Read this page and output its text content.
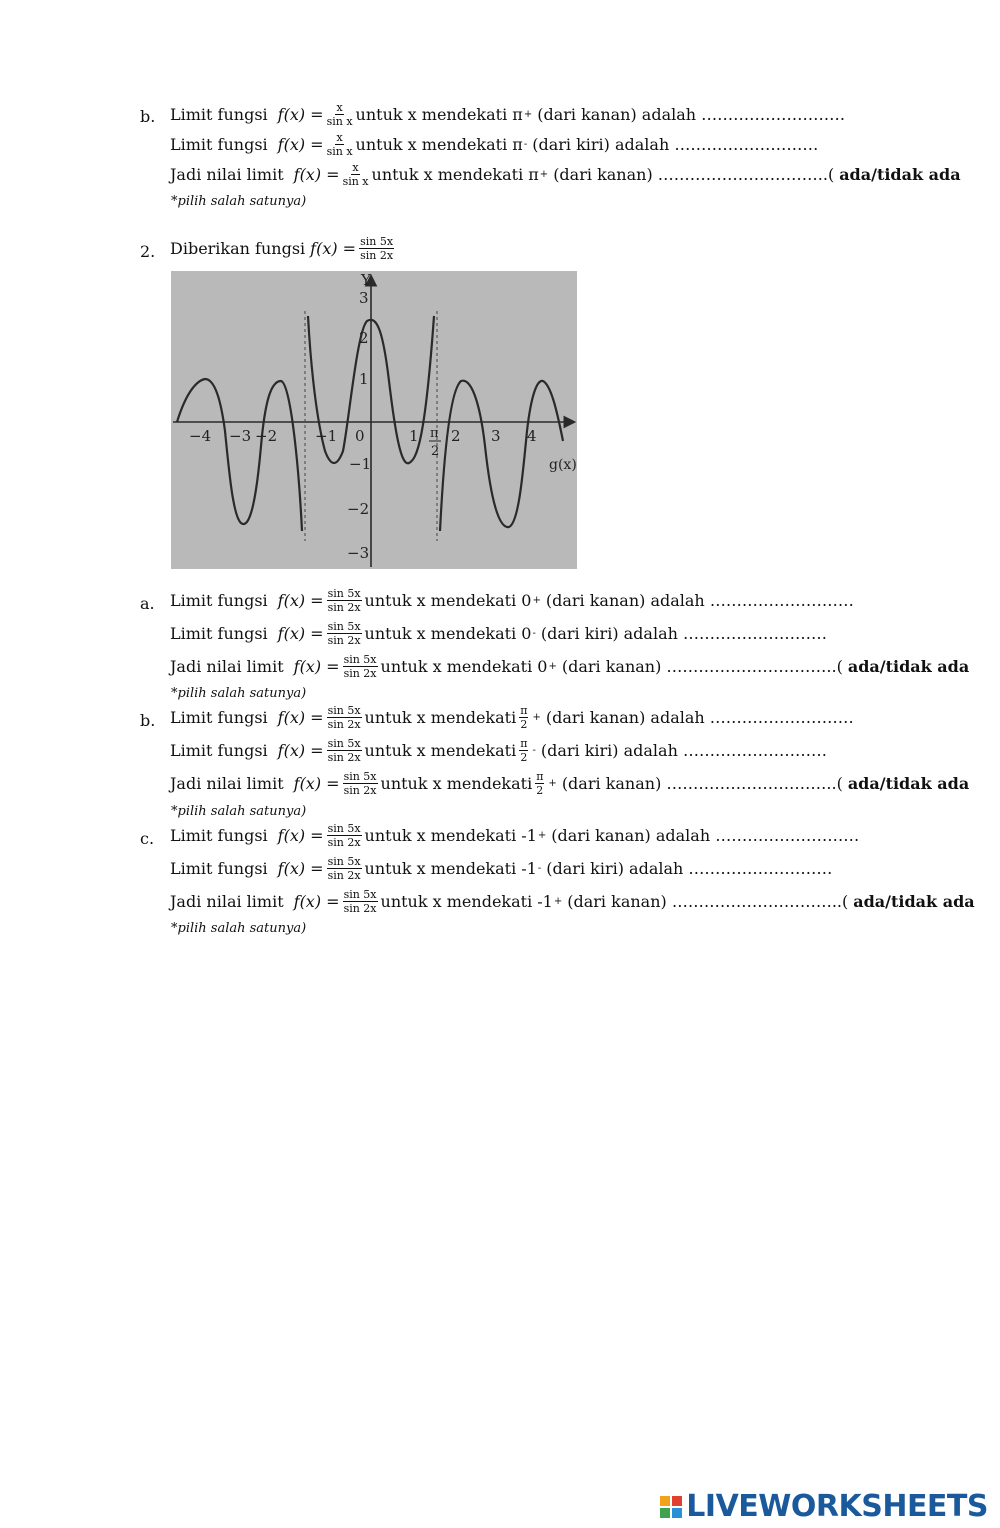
b. Limit fungsi $f(x) = \frac{x}{\text{sin x}}$ untuk x mendekati π + (dari kanan) adalah ………………………
Limit fungsi $f(x) = \frac{x}{\text{sin x}}$ untuk x mendekati π - (dari kiri) adalah ………………………
Jadi nilai limit $f(x) = \frac{x}{\text{sin x}}$ untuk x mendekati π + (dari kanan) …………………………..( ada/tidak ada
*pilih salah satunya)
2. Diberikan fungsi $f(x) = \frac{\sin 5x}{\sin 2x}$
Y
3
2
1
−1
−2
−3
−4 −3 −2	−1 0	1 2 3 4
π
2
g(x)
a. Limit fungsi $f(x) = \frac{\sin 5x}{\sin 2x}$ untuk x mendekati 0 + (dari kanan) adalah ………………………
Limit fungsi $f(x) = \frac{\sin 5x}{\sin 2x}$ untuk x mendekati 0 - (dari kiri) adalah ………………………
Jadi nilai limit $f(x) = \frac{\sin 5x}{\sin 2x}$ untuk x mendekati 0 + (dari kanan) …………………………..( ada/tidak ada
*pilih salah satunya)
b. Limit fungsi $f(x) = \frac{\sin 5x}{\sin 2x}$ untuk x mendekati $\frac{\pi}{2}$ + (dari kanan) adalah ………………………
Limit fungsi $f(x) = \frac{\sin 5x}{\sin 2x}$ untuk x mendekati $\frac{\pi}{2}$ - (dari kiri) adalah ………………………
Jadi nilai limit $f(x) = \frac{\sin 5x}{\sin 2x}$ untuk x mendekati $\frac{\pi}{2}$ + (dari kanan) …………………………..( ada/tidak ada
*pilih salah satunya)
c. Limit fungsi $f(x) = \frac{\sin 5x}{\sin 2x}$ untuk x mendekati -1 + (dari kanan) adalah ………………………
Limit fungsi $f(x) = \frac{\sin 5x}{\sin 2x}$ untuk x mendekati -1 - (dari kiri) adalah ………………………
Jadi nilai limit $f(x) = \frac{\sin 5x}{\sin 2x}$ untuk x mendekati -1 + (dari kanan) …………………………..( ada/tidak ada
*pilih salah satunya)
LIVEWORKSHEETS
